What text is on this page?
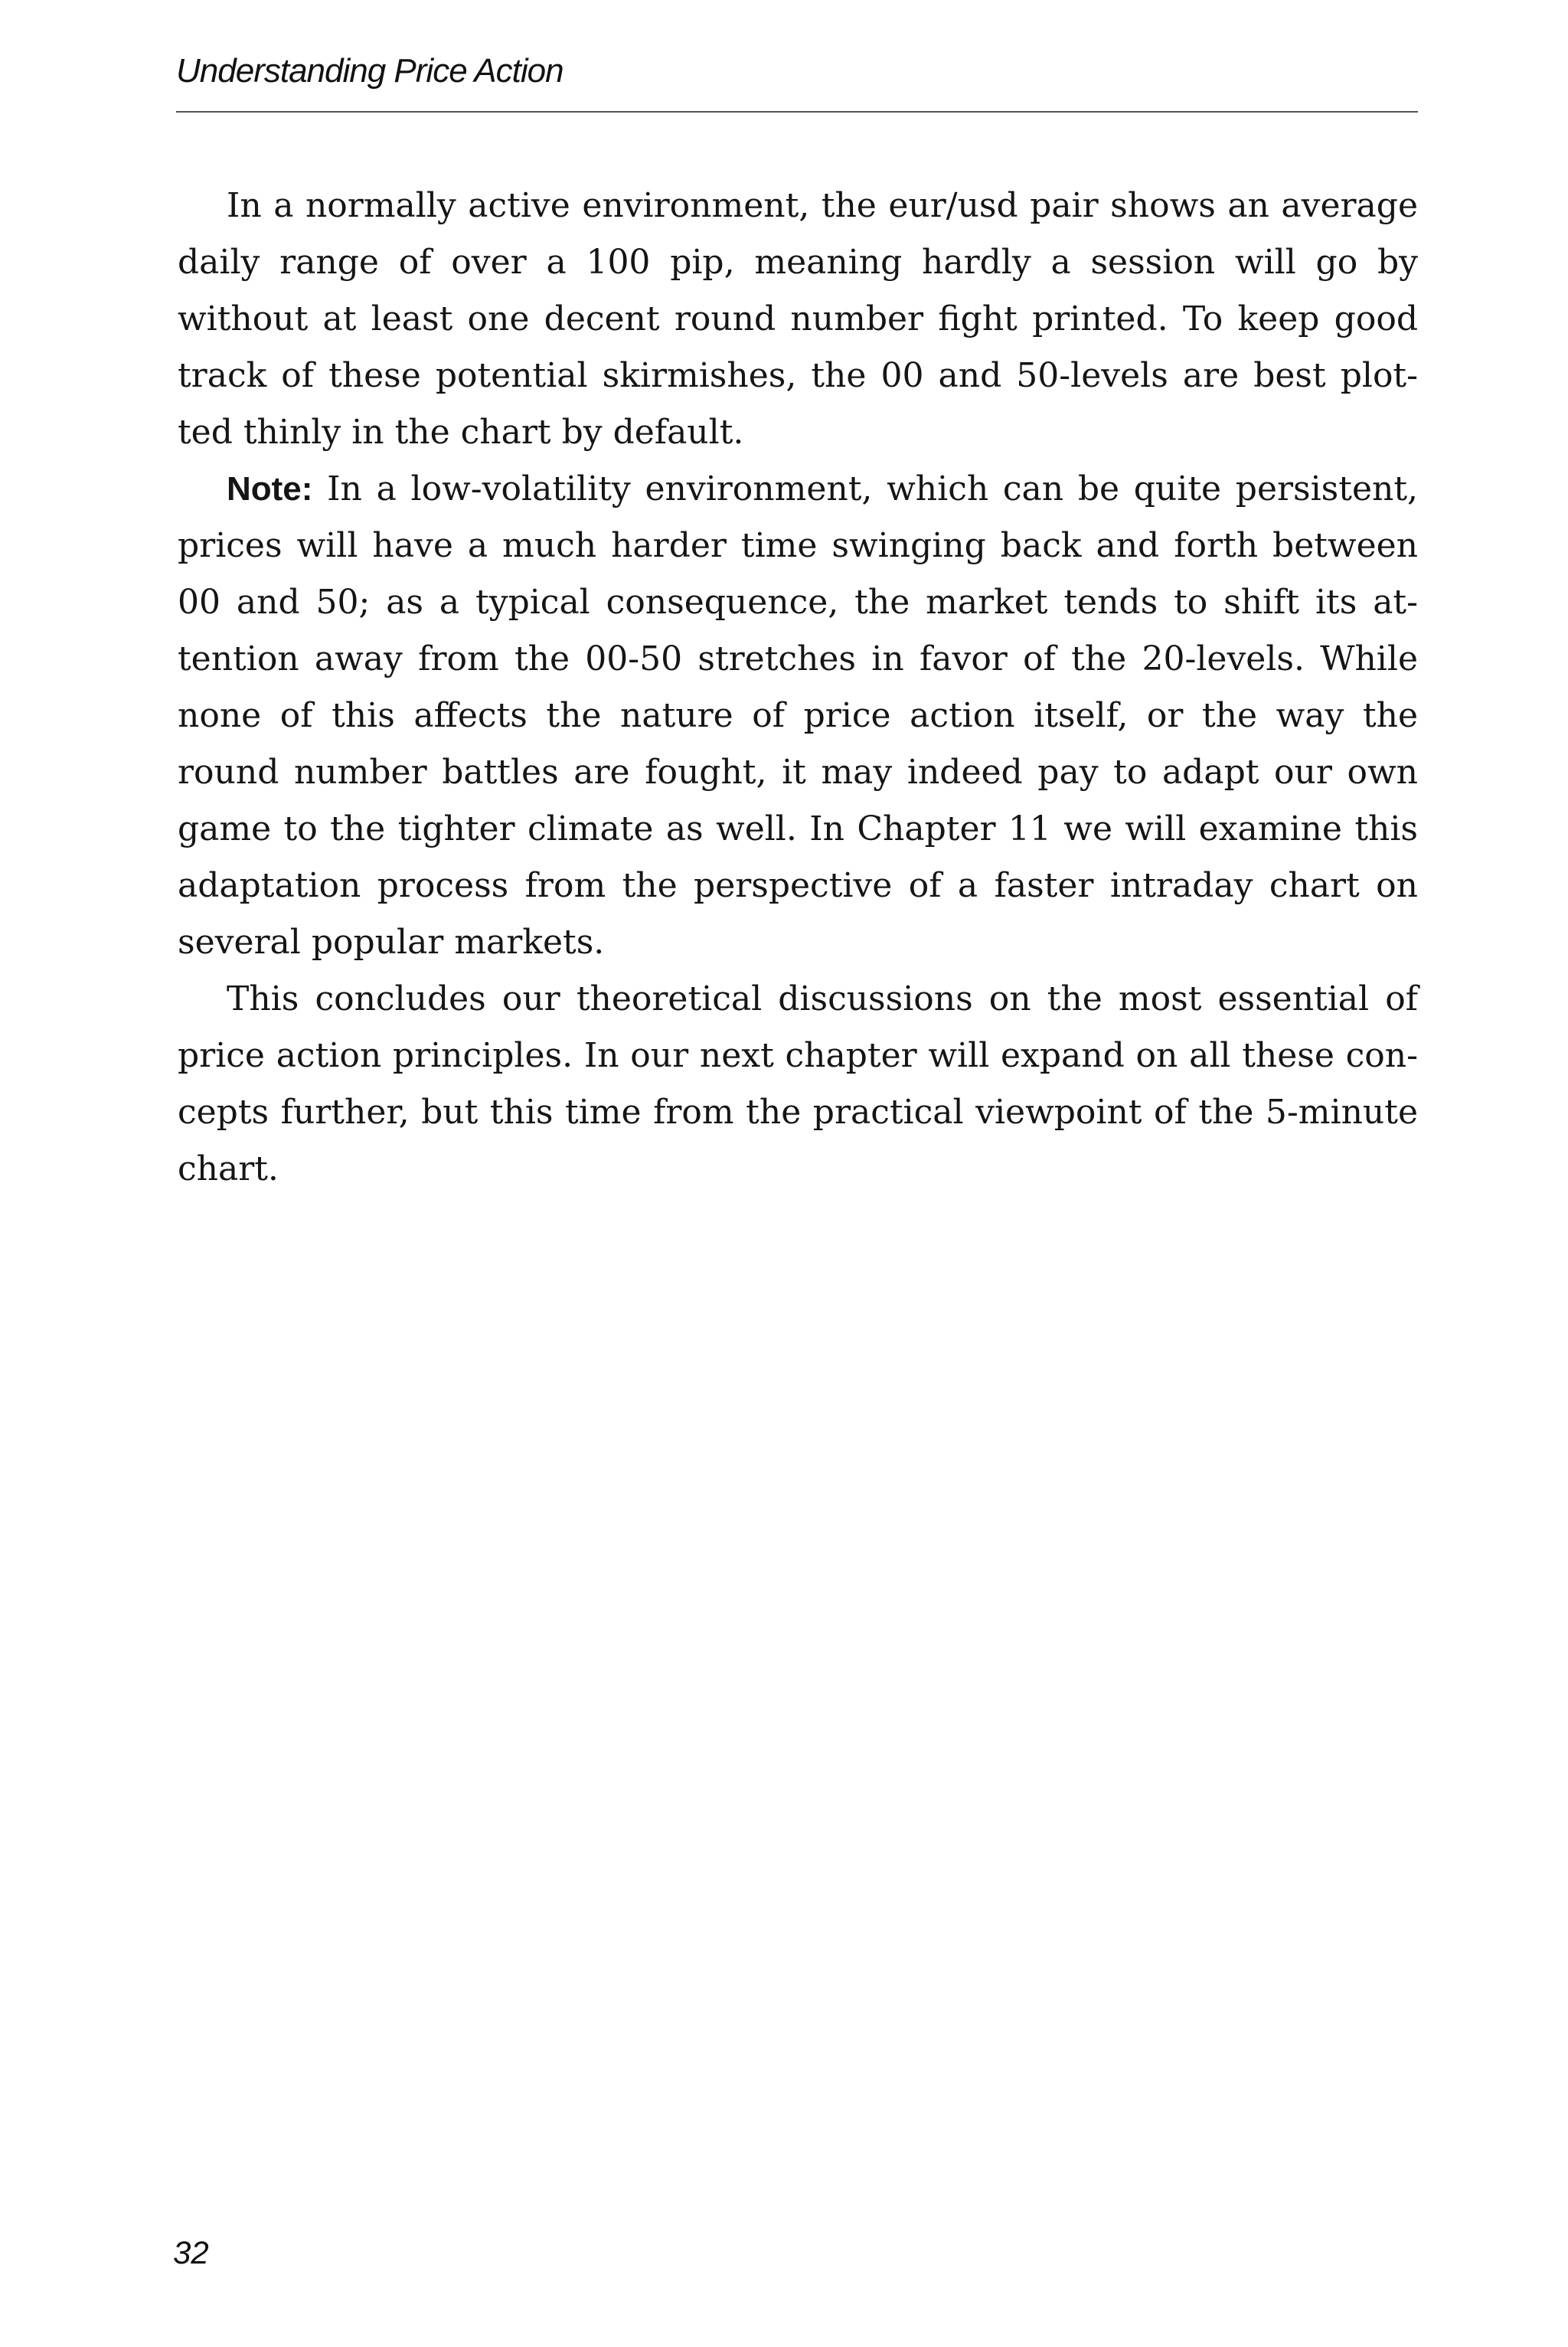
Understanding Price Action

In a normally active environment, the eur/usd pair shows an average daily range of over a 100 pip, meaning hardly a session will go by without at least one decent round number fight printed. To keep good track of these potential skirmishes, the 00 and 50-levels are best plotted thinly in the chart by default.

Note: In a low-volatility environment, which can be quite persistent, prices will have a much harder time swinging back and forth between 00 and 50; as a typical consequence, the market tends to shift its attention away from the 00-50 stretches in favor of the 20-levels. While none of this affects the nature of price action itself, or the way the round number battles are fought, it may indeed pay to adapt our own game to the tighter climate as well. In Chapter 11 we will examine this adaptation process from the perspective of a faster intraday chart on several popular markets.

This concludes our theoretical discussions on the most essential of price action principles. In our next chapter will expand on all these concepts further, but this time from the practical viewpoint of the 5-minute chart.

32
